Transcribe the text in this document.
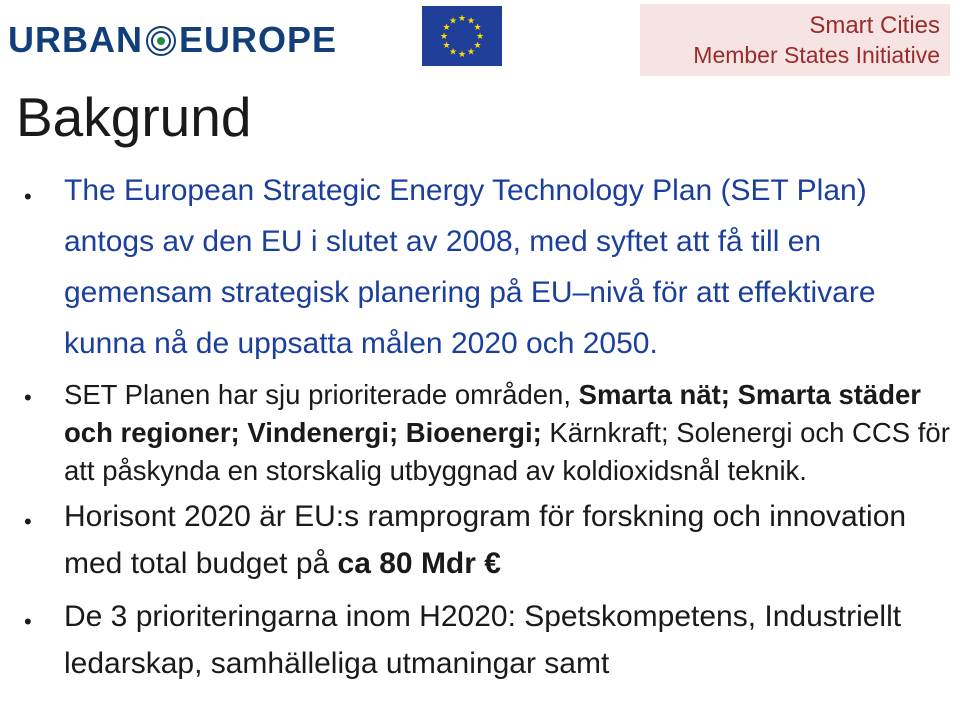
URBAN EUROPE	★ ★
★
★
★
★
★
★
★
★
★
★	Smart Cities
Member States Initiative
Bakgrund
• The European Strategic Energy Technology Plan (SET Plan) antogs av den EU i slutet av 2008, med syftet att få till en gemensam strategisk planering på EU–nivå för att effektivare kunna nå de uppsatta målen 2020 och 2050.
• SET Planen har sju prioriterade områden, Smarta nät; Smarta städer och regioner; Vindenergi; Bioenergi; Kärnkraft; Solenergi och CCS för att påskynda en storskalig utbyggnad av koldioxidsnål teknik.
• Horisont 2020 är EU:s ramprogram för forskning och innovation med total budget på ca 80 Mdr €
• De 3 prioriteringarna inom H2020: Spetskompetens, Industriellt ledarskap, samhälleliga utmaningar samt
